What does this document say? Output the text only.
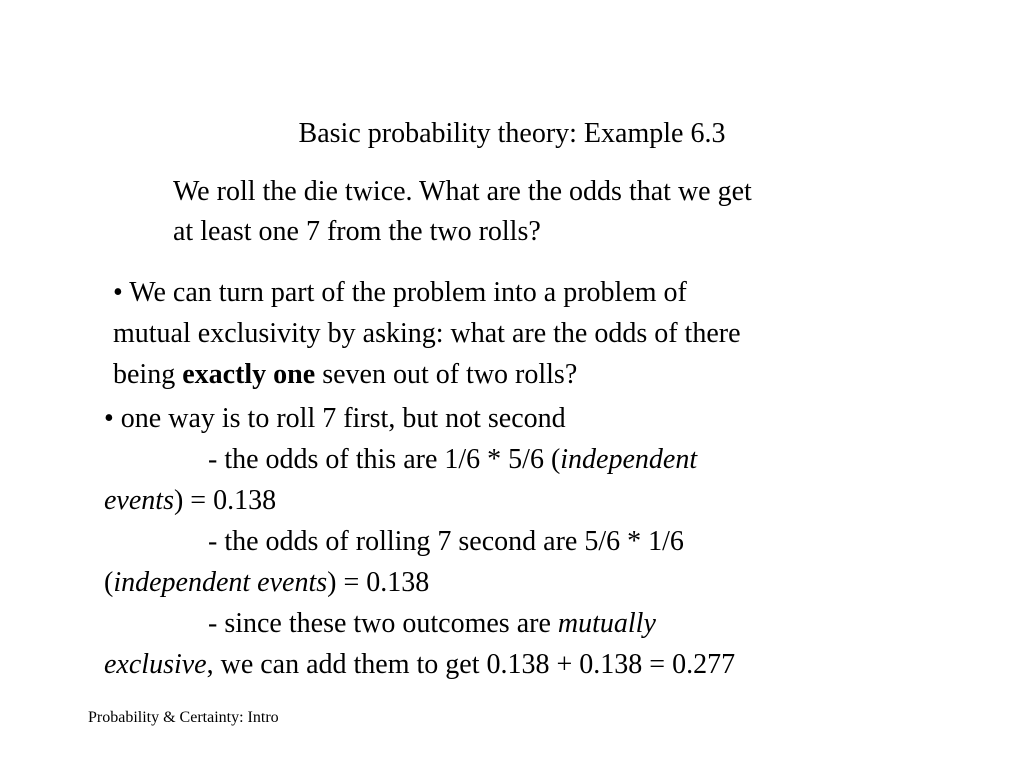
Basic probability theory: Example 6.3
We roll the die twice. What are the odds that we get
at least one 7 from the two rolls?
• We can turn part of the problem into a problem of
mutual exclusivity by asking: what are the odds of there
being exactly one seven out of two rolls?
• one way is to roll 7 first, but not second
- the odds of this are 1/6 * 5/6 (independent
events) = 0.138
- the odds of rolling 7 second are 5/6 * 1/6
(independent events) = 0.138
- since these two outcomes are mutually
exclusive, we can add them to get 0.138 + 0.138 = 0.277
Probability & Certainty: Intro
